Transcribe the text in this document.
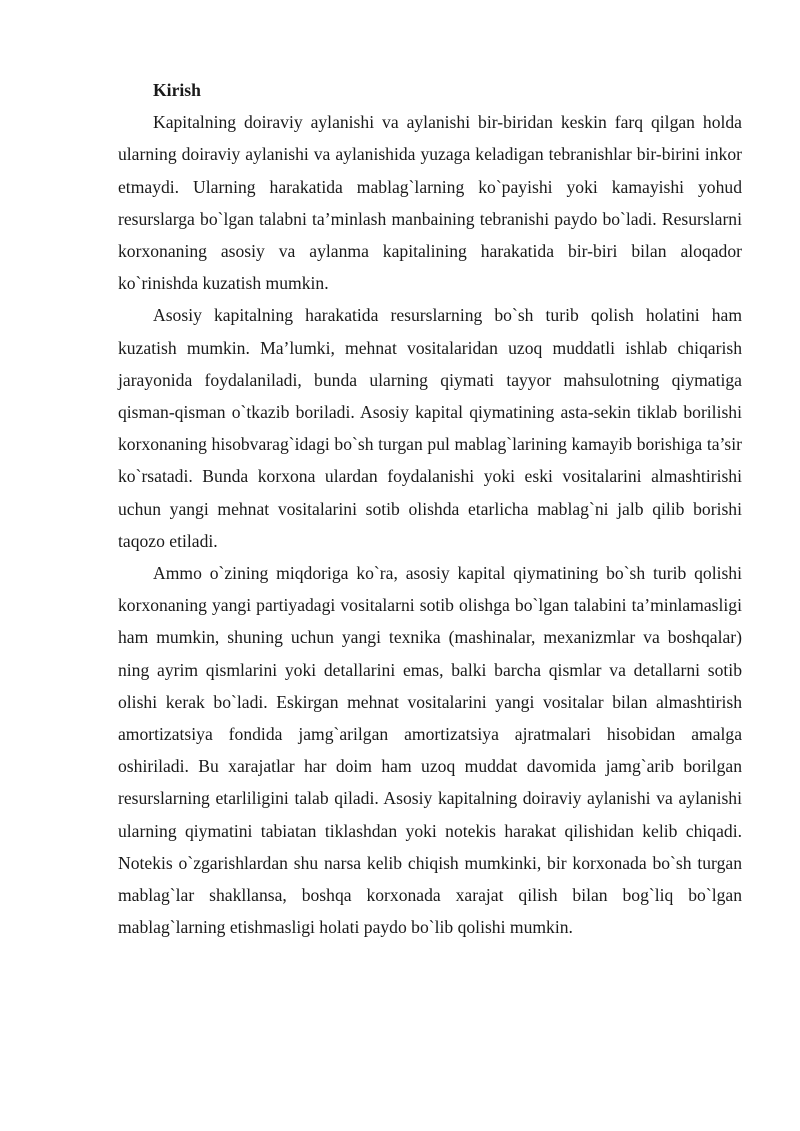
Kirish

Kapitalning doiraviy aylanishi va aylanishi bir-biridan keskin farq qilgan holda ularning doiraviy aylanishi va aylanishida yuzaga keladigan tebranishlar bir-birini inkor etmaydi. Ularning harakatida mablag`larning ko`payishi yoki kamayishi yohud resurslarga bo`lgan talabni ta’minlash manbaining tebranishi paydo bo`ladi. Resurslarni korxonaning asosiy va aylanma kapitalining harakatida bir-biri bilan aloqador ko`rinishda kuzatish mumkin.

Asosiy kapitalning harakatida resurslarning bo`sh turib qolish holatini ham kuzatish mumkin. Ma’lumki, mehnat vositalaridan uzoq muddatli ishlab chiqarish jarayonida foydalaniladi, bunda ularning qiymati tayyor mahsulotning qiymatiga qisman-qisman o`tkazib boriladi. Asosiy kapital qiymatining asta-sekin tiklab borilishi korxonaning hisobvarag`idagi bo`sh turgan pul mablag`larining kamayib borishiga ta’sir ko`rsatadi. Bunda korxona ulardan foydalanishi yoki eski vositalarini almashtirishi uchun yangi mehnat vositalarini sotib olishda etarlicha mablag`ni jalb qilib borishi taqozo etiladi.

Ammo o`zining miqdoriga ko`ra, asosiy kapital qiymatining bo`sh turib qolishi korxonaning yangi partiyadagi vositalarni sotib olishga bo`lgan talabini ta’minlamasligi ham mumkin, shuning uchun yangi texnika (mashinalar, mexanizmlar va boshqalar) ning ayrim qismlarini yoki detallarini emas, balki barcha qismlar va detallarni sotib olishi kerak bo`ladi. Eskirgan mehnat vositalarini yangi vositalar bilan almashtirish amortizatsiya fondida jamg`arilgan amortizatsiya ajratmalari hisobidan amalga oshiriladi. Bu xarajatlar har doim ham uzoq muddat davomida jamg`arib borilgan resurslarning etarliligini talab qiladi. Asosiy kapitalning doiraviy aylanishi va aylanishi ularning qiymatini tabiatan tiklashdan yoki notekis harakat qilishidan kelib chiqadi. Notekis o`zgarishlardan shu narsa kelib chiqish mumkinki, bir korxonada bo`sh turgan mablag`lar shakllansa, boshqa korxonada xarajat qilish bilan bog`liq bo`lgan mablag`larning etishmasligi holati paydo bo`lib qolishi mumkin.
